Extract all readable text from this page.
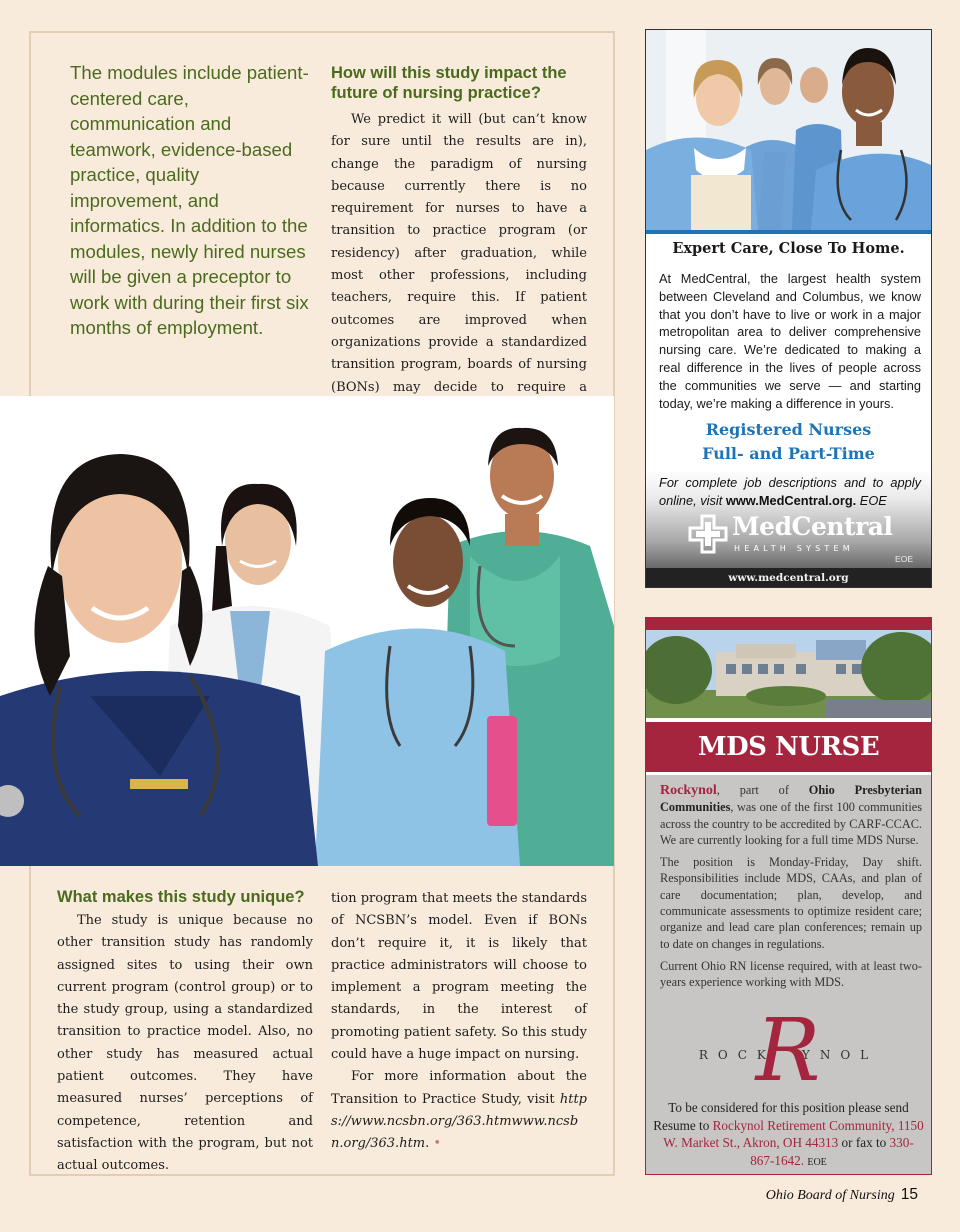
The modules include patient-centered care, communication and teamwork, evidence-based practice, quality improvement, and informatics. In addition to the modules, newly hired nurses will be given a preceptor to work with during their first six months of employment.
How will this study impact the future of nursing practice?

We predict it will (but can’t know for sure until the results are in), change the paradigm of nursing because currently there is no requirement for nurses to have a transition to practice program (or residency) after graduation, while most other professions, including teachers, require this. If patient outcomes are improved when organizations provide a standardized transition program, boards of nursing (BONs) may decide to require a

What makes this study unique?

The study is unique because no other transition study has randomly assigned sites to using their own current program (control group) or to the study group, using a standardized transition to practice model. Also, no other study has measured actual patient outcomes. They have measured nurses’ perceptions of competence, retention and satisfaction with the program, but not actual outcomes.

tion program that meets the standards of NCSBN’s model. Even if BONs don’t require it, it is likely that practice administrators will choose to implement a program meeting the standards, in the interest of promoting patient safety. So this study could have a huge impact on nursing.

For more information about the Transition to Practice Study, visit https://www.ncsbn.org/363.htmwww.ncsbn.org/363.htm. •

Expert Care, Close To Home.
At MedCentral, the largest health system between Cleveland and Columbus, we know that you don’t have to live or work in a major metropolitan area to deliver comprehensive nursing care. We’re dedicated to making a real difference in the lives of people across the communities we serve — and starting today, we’re making a difference in yours.
Registered Nurses
Full- and Part-Time
For complete job descriptions and to apply online, visit www.MedCentral.org. EOE
MedCentral
HEALTH SYSTEM
EOE
www.medcentral.org
MDS NURSE

Rockynol, part of Ohio Presbyterian Communities, was one of the first 100 communities across the country to be accredited by CARF-CCAC. We are currently looking for a full time MDS Nurse.

The position is Monday-Friday, Day shift. Responsibilities include MDS, CAAs, and plan of care documentation; plan, develop, and communicate assessments to optimize resident care; organize and lead care plan conferences; remain up to date on changes in regulations.

Current Ohio RN license required, with at least two-years experience working with MDS.

R
ROCK YNOL
To be considered for this position please send Resume to Rockynol Retirement Community, 1150 W. Market St., Akron, OH 44313 or fax to 330-867-1642. EOE
Ohio Board of Nursing 15
